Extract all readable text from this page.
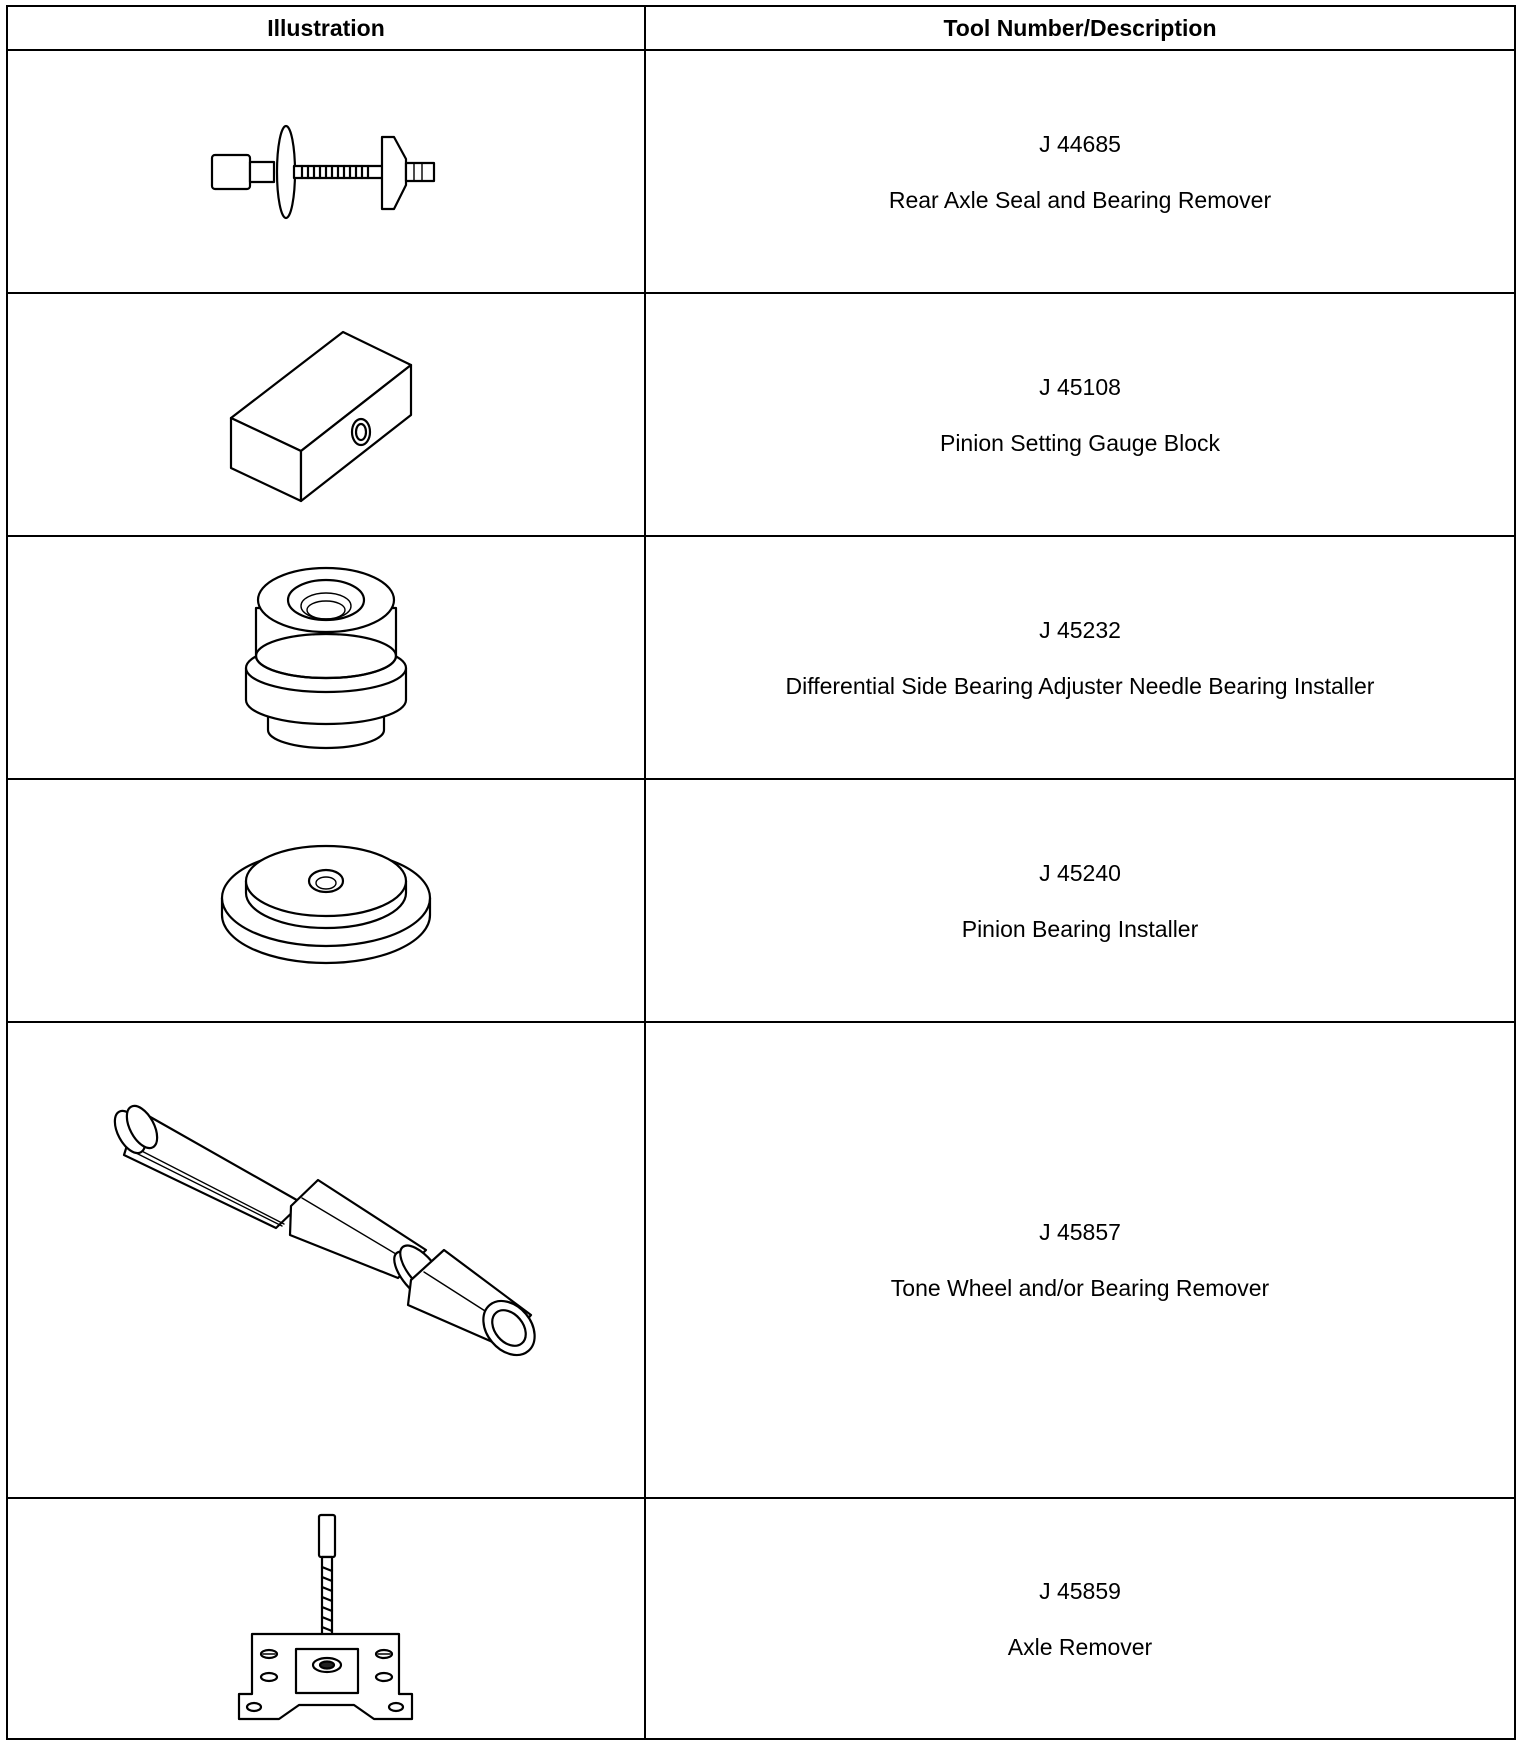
Illustration	Tool Number/Description

J 44685
Rear Axle Seal and Bearing Remover

J 45108
Pinion Setting Gauge Block

J 45232
Differential Side Bearing Adjuster Needle Bearing Installer

J 45240
Pinion Bearing Installer

J 45857
Tone Wheel and/or Bearing Remover

J 45859
Axle Remover
